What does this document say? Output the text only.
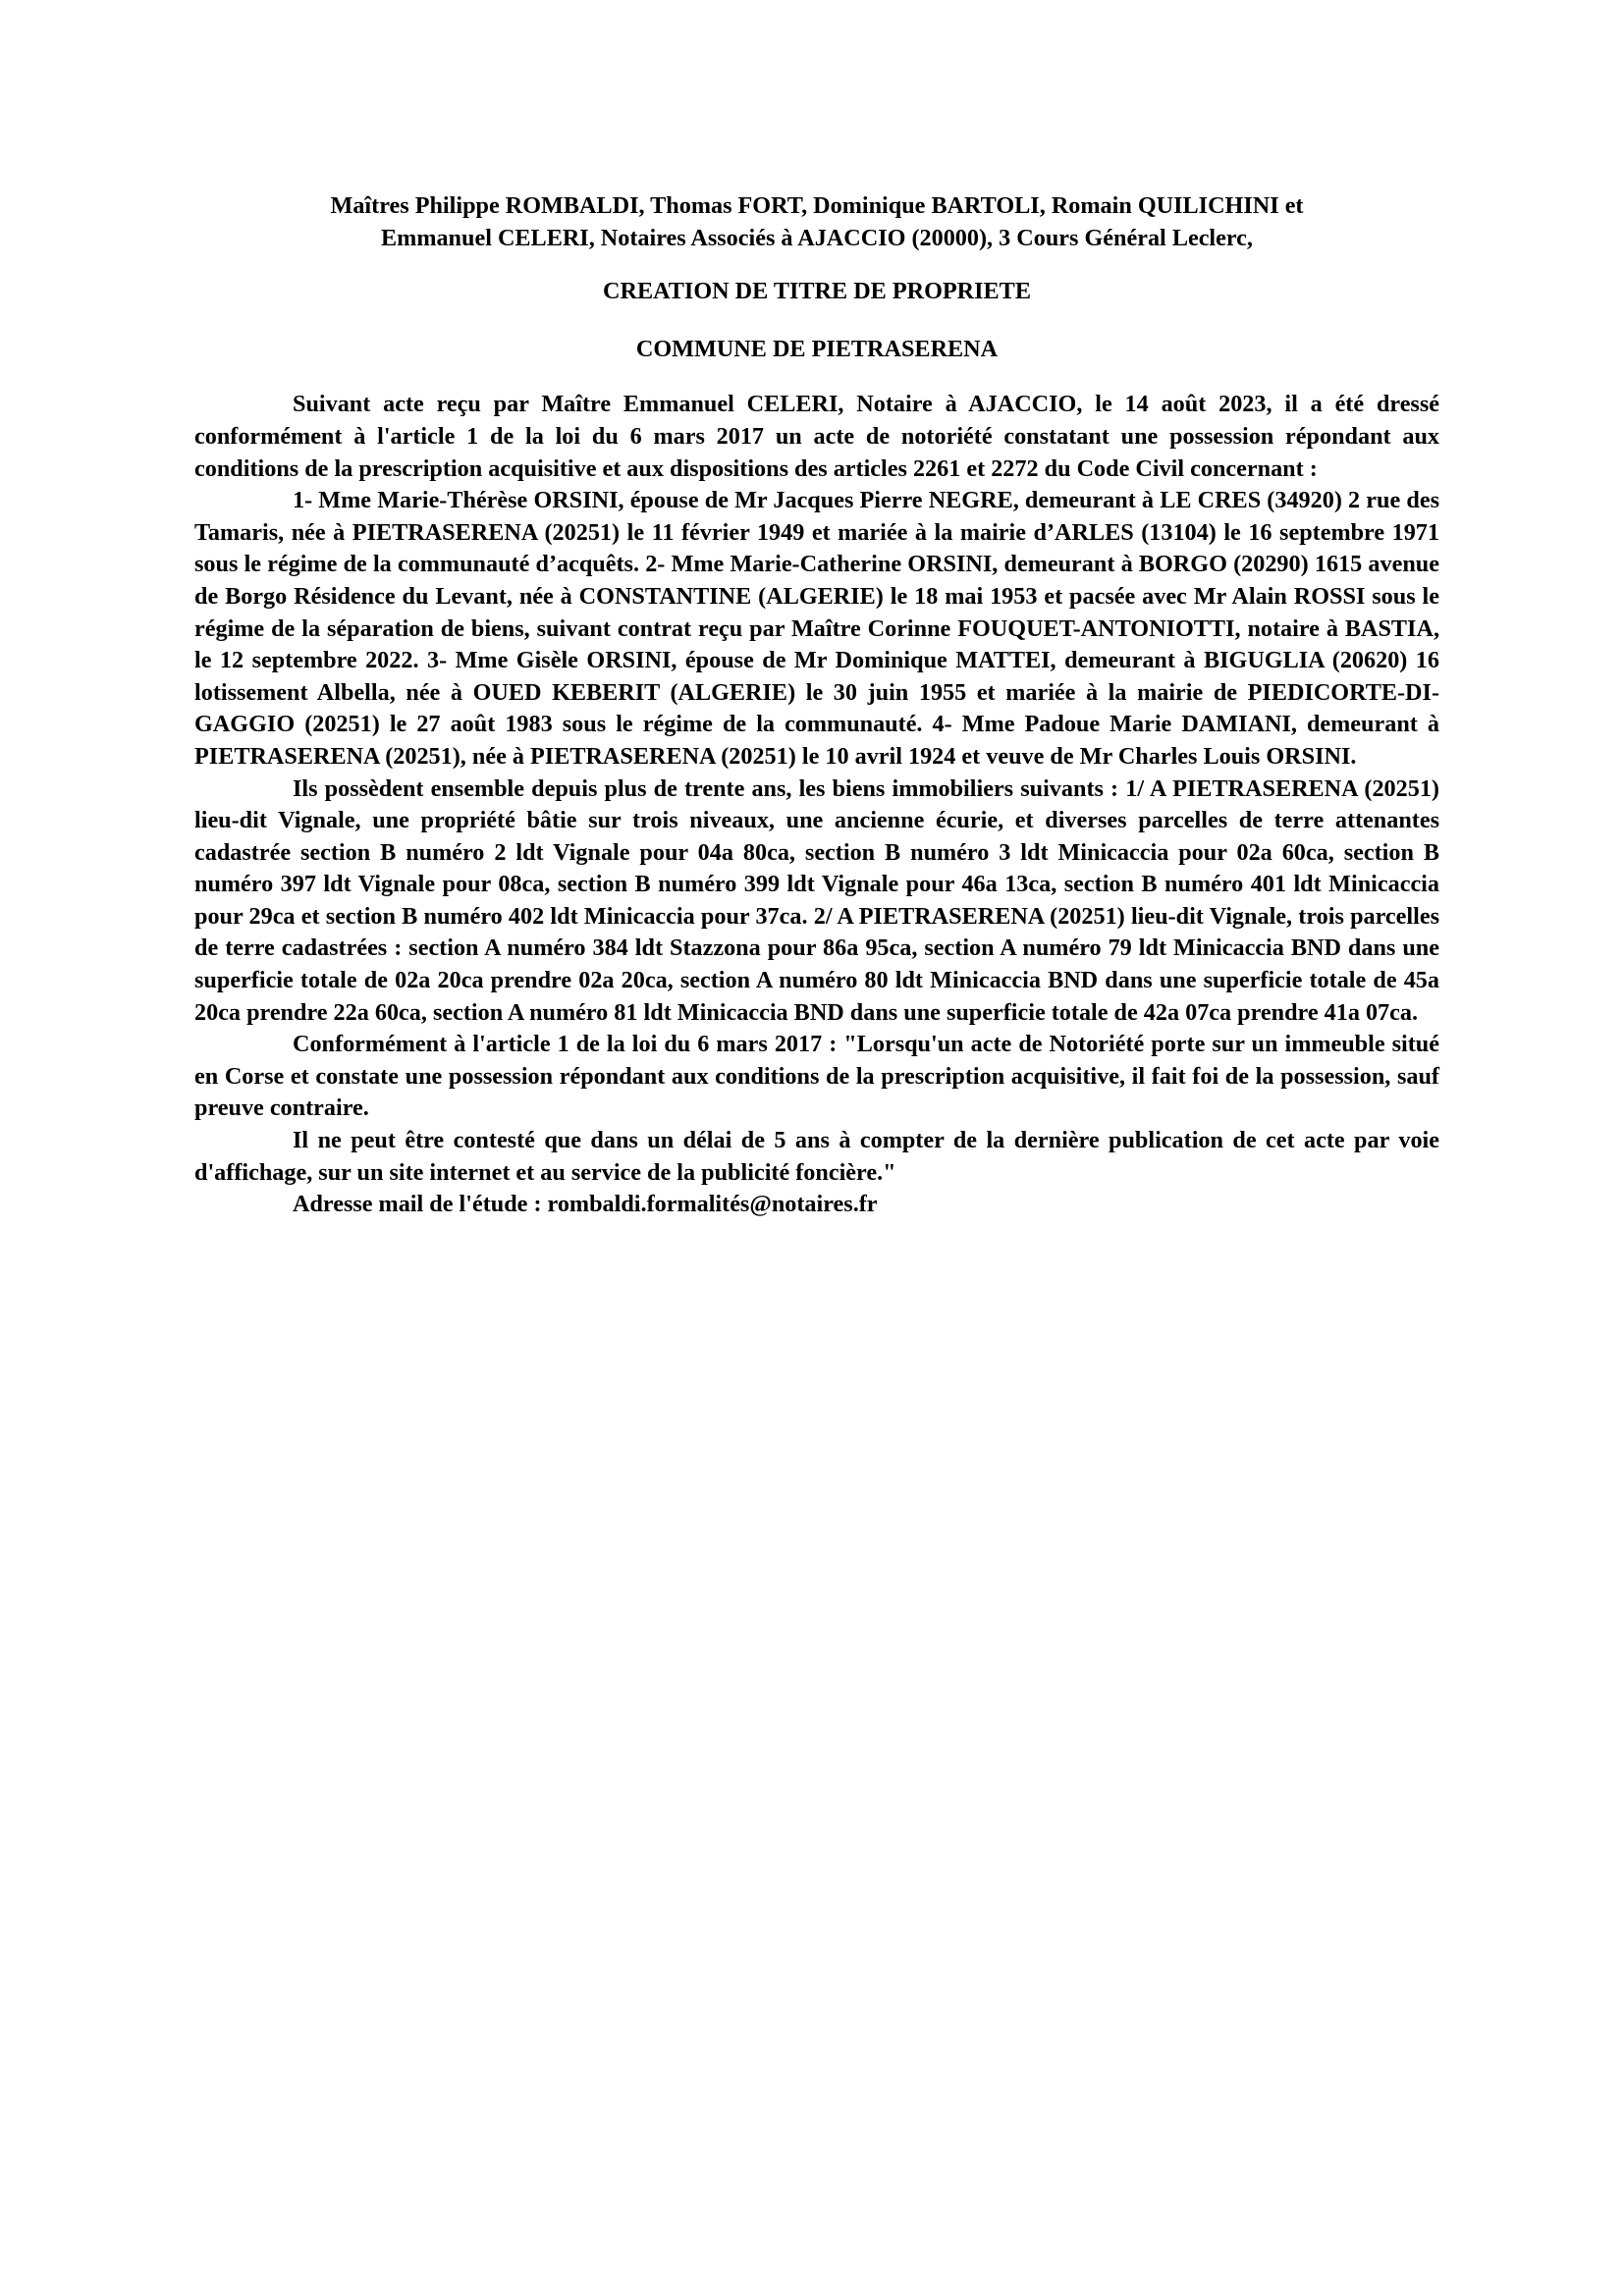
Maîtres Philippe ROMBALDI, Thomas FORT, Dominique BARTOLI, Romain QUILICHINI et

Emmanuel CELERI, Notaires Associés à AJACCIO (20000), 3 Cours Général Leclerc,

CREATION DE TITRE DE PROPRIETE

COMMUNE DE PIETRASERENA

Suivant acte reçu par Maître Emmanuel CELERI, Notaire à AJACCIO, le 14 août 2023, il a été dressé conformément à l'article 1 de la loi du 6 mars 2017 un acte de notoriété constatant une possession répondant aux conditions de la prescription acquisitive et aux dispositions des articles 2261 et 2272 du Code Civil concernant :

1- Mme Marie-Thérèse ORSINI, épouse de Mr Jacques Pierre NEGRE, demeurant à LE CRES (34920) 2 rue des Tamaris, née à PIETRASERENA (20251) le 11 février 1949 et mariée à la mairie d’ARLES (13104) le 16 septembre 1971 sous le régime de la communauté d’acquêts. 2- Mme Marie-Catherine ORSINI, demeurant à BORGO (20290) 1615 avenue de Borgo Résidence du Levant, née à CONSTANTINE (ALGERIE) le 18 mai 1953 et pacsée avec Mr Alain ROSSI sous le régime de la séparation de biens, suivant contrat reçu par Maître Corinne FOUQUET-ANTONIOTTI, notaire à BASTIA, le 12 septembre 2022. 3- Mme Gisèle ORSINI, épouse de Mr Dominique MATTEI, demeurant à BIGUGLIA (20620) 16 lotissement Albella, née à OUED KEBERIT (ALGERIE) le 30 juin 1955 et mariée à la mairie de PIEDICORTE-DI-GAGGIO (20251) le 27 août 1983 sous le régime de la communauté. 4- Mme Padoue Marie DAMIANI, demeurant à PIETRASERENA (20251), née à PIETRASERENA (20251) le 10 avril 1924 et veuve de Mr Charles Louis ORSINI.

Ils possèdent ensemble depuis plus de trente ans, les biens immobiliers suivants : 1/ A PIETRASERENA (20251) lieu-dit Vignale, une propriété bâtie sur trois niveaux, une ancienne écurie, et diverses parcelles de terre attenantes cadastrée section B numéro 2 ldt Vignale pour 04a 80ca, section B numéro 3 ldt Minicaccia pour 02a 60ca, section B numéro 397 ldt Vignale pour 08ca, section B numéro 399 ldt Vignale pour 46a 13ca, section B numéro 401 ldt Minicaccia pour 29ca et section B numéro 402 ldt Minicaccia pour 37ca. 2/ A PIETRASERENA (20251) lieu-dit Vignale, trois parcelles de terre cadastrées : section A numéro 384 ldt Stazzona pour 86a 95ca, section A numéro 79 ldt Minicaccia BND dans une superficie totale de 02a 20ca prendre 02a 20ca, section A numéro 80 ldt Minicaccia BND dans une superficie totale de 45a 20ca prendre 22a 60ca, section A numéro 81 ldt Minicaccia BND dans une superficie totale de 42a 07ca prendre 41a 07ca.

Conformément à l'article 1 de la loi du 6 mars 2017 : "Lorsqu'un acte de Notoriété porte sur un immeuble situé en Corse et constate une possession répondant aux conditions de la prescription acquisitive, il fait foi de la possession, sauf preuve contraire.

Il ne peut être contesté que dans un délai de 5 ans à compter de la dernière publication de cet acte par voie d'affichage, sur un site internet et au service de la publicité foncière."

Adresse mail de l'étude : rombaldi.formalités@notaires.fr
